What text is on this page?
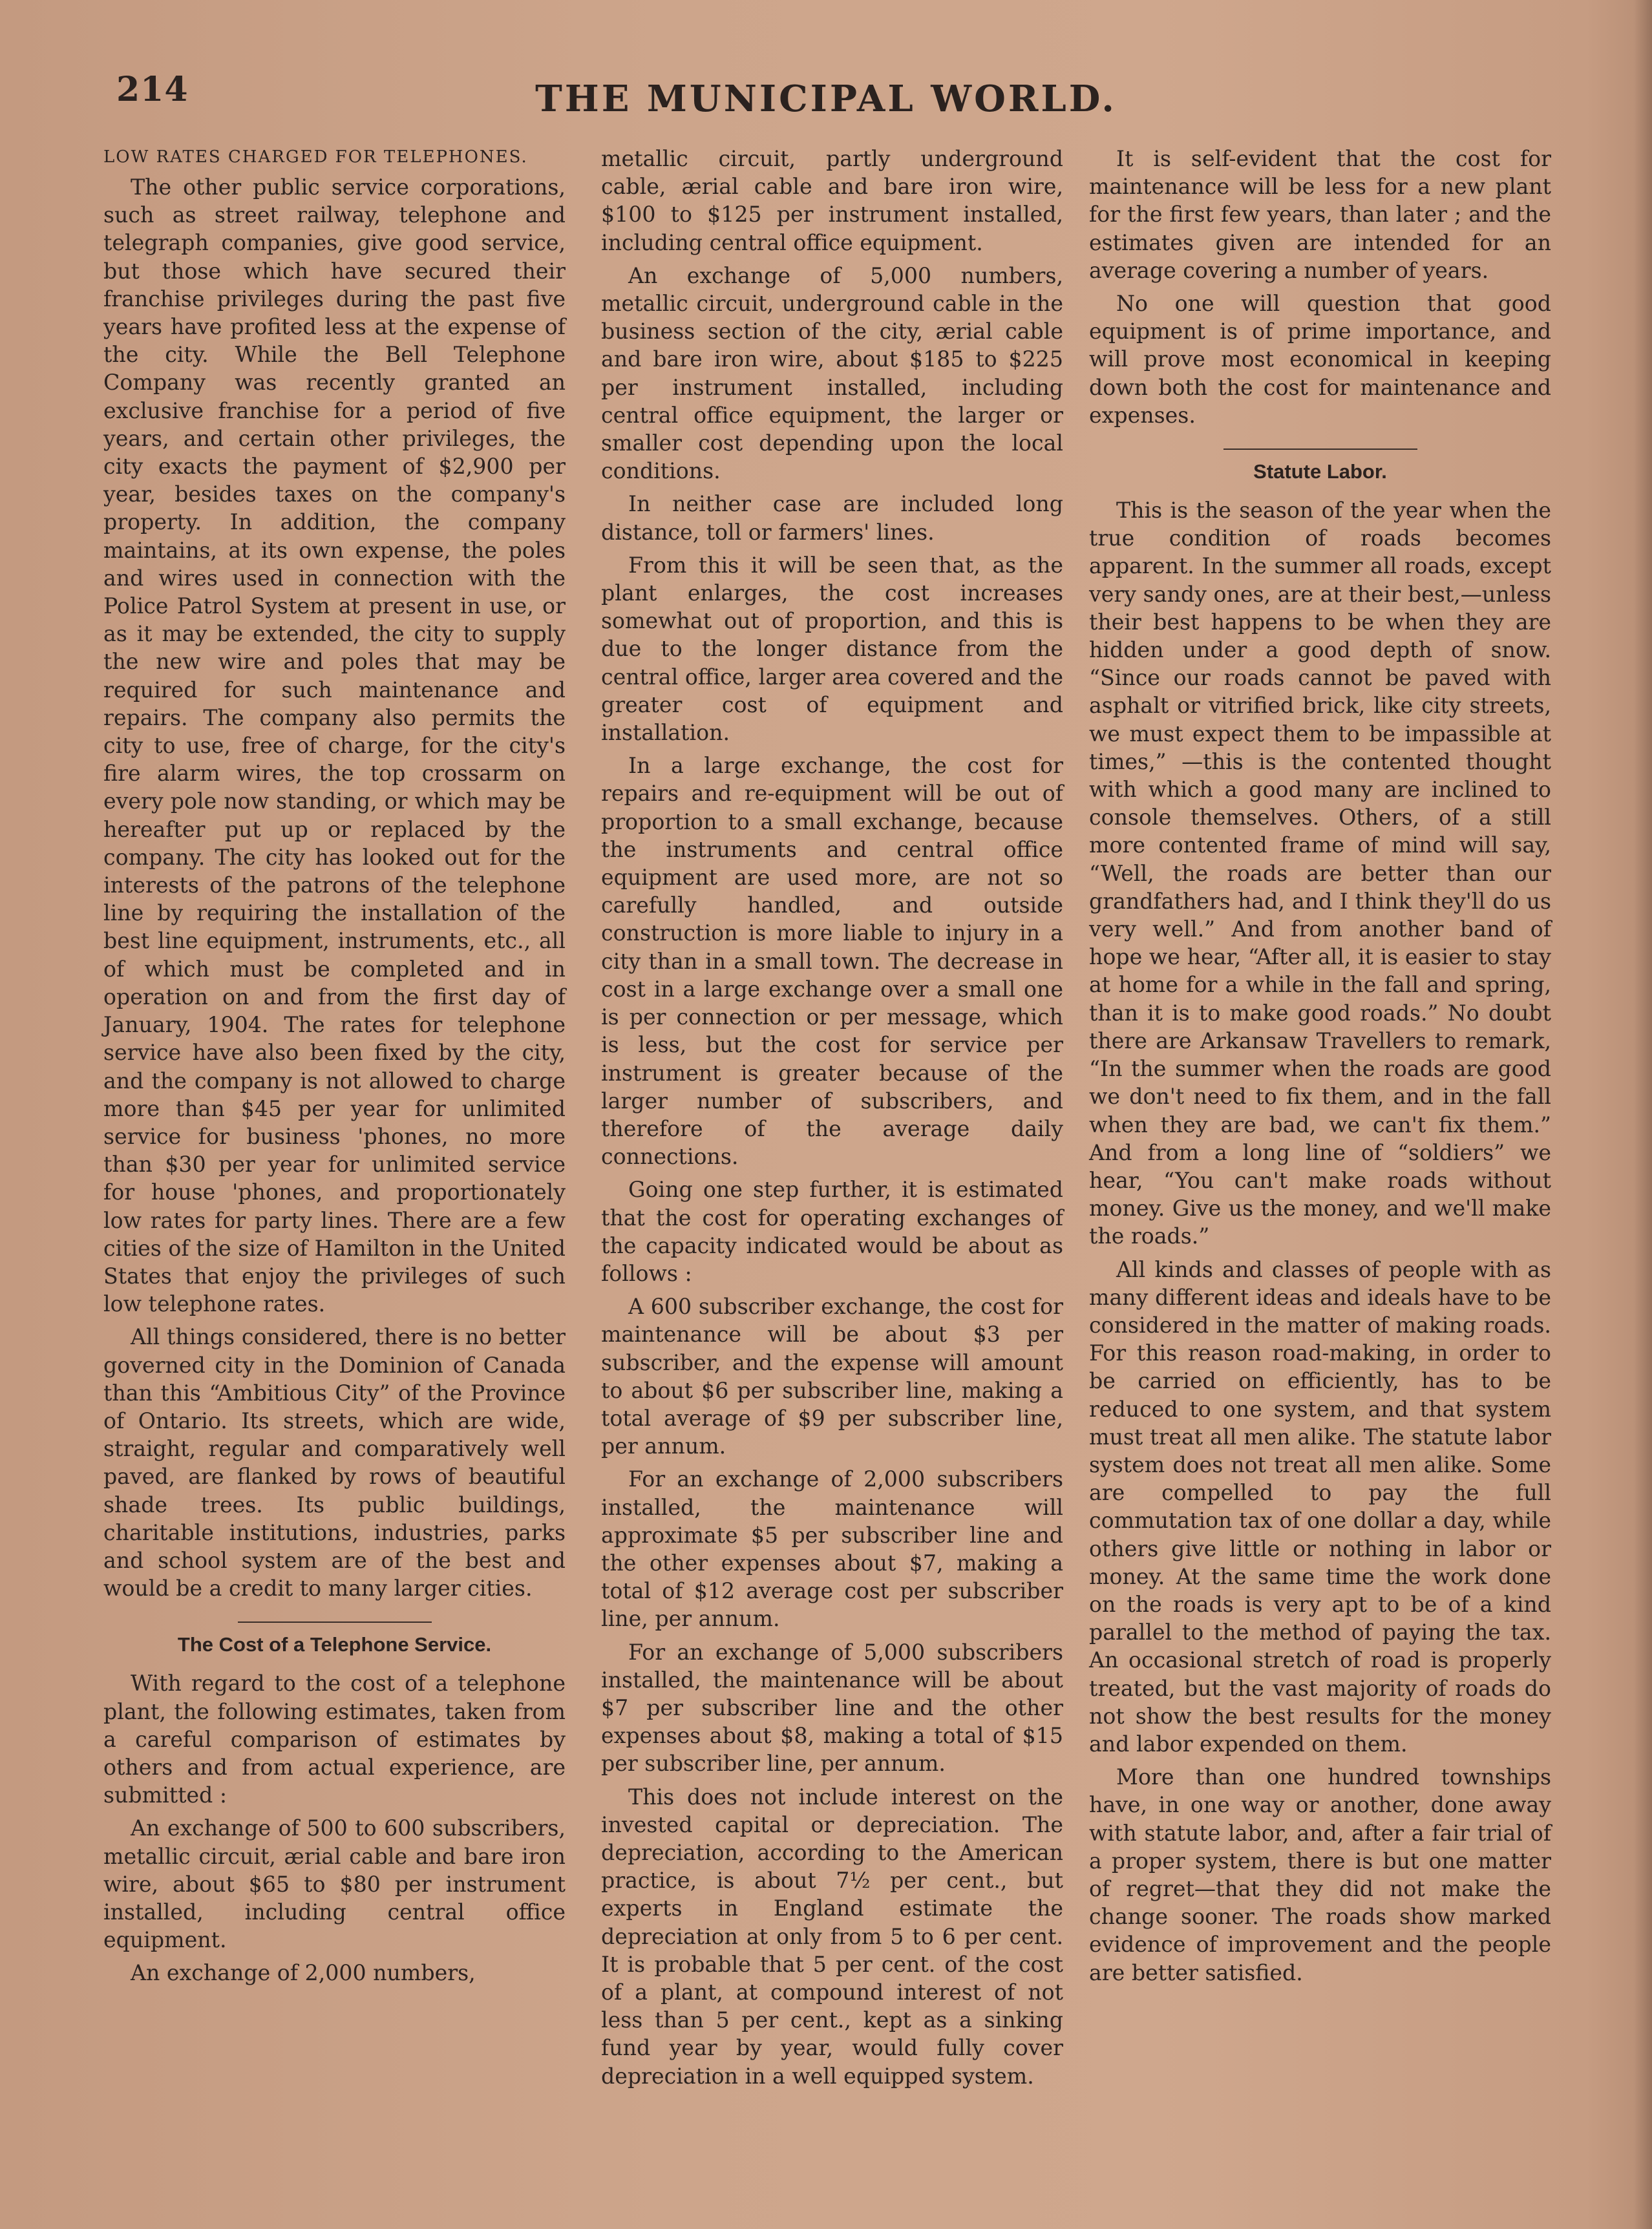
214	THE MUNICIPAL WORLD.
LOW RATES CHARGED FOR TELEPHONES.

The other public service corporations, such as street railway, telephone and telegraph companies, give good service, but those which have secured their franchise privileges during the past five years have profited less at the expense of the city. While the Bell Telephone Company was recently granted an exclusive franchise for a period of five years, and certain other privileges, the city exacts the payment of $2,900 per year, besides taxes on the company's property. In addition, the company maintains, at its own expense, the poles and wires used in connection with the Police Patrol System at present in use, or as it may be extended, the city to supply the new wire and poles that may be required for such maintenance and repairs. The company also permits the city to use, free of charge, for the city's fire alarm wires, the top crossarm on every pole now standing, or which may be hereafter put up or replaced by the company. The city has looked out for the interests of the patrons of the telephone line by requiring the installation of the best line equipment, instruments, etc., all of which must be completed and in operation on and from the first day of January, 1904. The rates for telephone service have also been fixed by the city, and the company is not allowed to charge more than $45 per year for unlimited service for business 'phones, no more than $30 per year for unlimited service for house 'phones, and proportionately low rates for party lines. There are a few cities of the size of Hamilton in the United States that enjoy the privileges of such low telephone rates.

All things considered, there is no better governed city in the Dominion of Canada than this “Ambitious City” of the Province of Ontario. Its streets, which are wide, straight, regular and comparatively well paved, are flanked by rows of beautiful shade trees. Its public buildings, charitable institutions, industries, parks and school system are of the best and would be a credit to many larger cities.

The Cost of a Telephone Service.

With regard to the cost of a telephone plant, the following estimates, taken from a careful comparison of estimates by others and from actual experience, are submitted :

An exchange of 500 to 600 subscribers, metallic circuit, ærial cable and bare iron wire, about $65 to $80 per instrument installed, including central office equipment.

An exchange of 2,000 numbers,

metallic circuit, partly underground cable, ærial cable and bare iron wire, $100 to $125 per instrument installed, including central office equipment.

An exchange of 5,000 numbers, metallic circuit, underground cable in the business section of the city, ærial cable and bare iron wire, about $185 to $225 per instrument installed, including central office equipment, the larger or smaller cost depending upon the local conditions.

In neither case are included long distance, toll or farmers' lines.

From this it will be seen that, as the plant enlarges, the cost increases somewhat out of proportion, and this is due to the longer distance from the central office, larger area covered and the greater cost of equipment and installation.

In a large exchange, the cost for repairs and re-equipment will be out of proportion to a small exchange, because the instruments and central office equipment are used more, are not so carefully handled, and outside construction is more liable to injury in a city than in a small town. The decrease in cost in a large exchange over a small one is per connection or per message, which is less, but the cost for service per instrument is greater because of the larger number of subscribers, and therefore of the average daily connections.

Going one step further, it is estimated that the cost for operating exchanges of the capacity indicated would be about as follows :

A 600 subscriber exchange, the cost for maintenance will be about $3 per subscriber, and the expense will amount to about $6 per subscriber line, making a total average of $9 per subscriber line, per annum.

For an exchange of 2,000 subscribers installed, the maintenance will approximate $5 per subscriber line and the other expenses about $7, making a total of $12 average cost per subscriber line, per annum.

For an exchange of 5,000 subscribers installed, the maintenance will be about $7 per subscriber line and the other expenses about $8, making a total of $15 per subscriber line, per annum.

This does not include interest on the invested capital or depreciation. The depreciation, according to the American practice, is about 7½ per cent., but experts in England estimate the depreciation at only from 5 to 6 per cent. It is probable that 5 per cent. of the cost of a plant, at compound interest of not less than 5 per cent., kept as a sinking fund year by year, would fully cover depreciation in a well equipped system.

It is self-evident that the cost for maintenance will be less for a new plant for the first few years, than later ; and the estimates given are intended for an average covering a number of years.

No one will question that good equipment is of prime importance, and will prove most economical in keeping down both the cost for maintenance and expenses.

Statute Labor.

This is the season of the year when the true condition of roads becomes apparent. In the summer all roads, except very sandy ones, are at their best,—unless their best happens to be when they are hidden under a good depth of snow. “Since our roads cannot be paved with asphalt or vitrified brick, like city streets, we must expect them to be impassible at times,” —this is the contented thought with which a good many are inclined to console themselves. Others, of a still more contented frame of mind will say, “Well, the roads are better than our grandfathers had, and I think they'll do us very well.” And from another band of hope we hear, “After all, it is easier to stay at home for a while in the fall and spring, than it is to make good roads.” No doubt there are Arkansaw Travellers to remark, “In the summer when the roads are good we don't need to fix them, and in the fall when they are bad, we can't fix them.” And from a long line of “soldiers” we hear, “You can't make roads without money. Give us the money, and we'll make the roads.”

All kinds and classes of people with as many different ideas and ideals have to be considered in the matter of making roads. For this reason road-making, in order to be carried on efficiently, has to be reduced to one system, and that system must treat all men alike. The statute labor system does not treat all men alike. Some are compelled to pay the full commutation tax of one dollar a day, while others give little or nothing in labor or money. At the same time the work done on the roads is very apt to be of a kind parallel to the method of paying the tax. An occasional stretch of road is properly treated, but the vast majority of roads do not show the best results for the money and labor expended on them.

More than one hundred townships have, in one way or another, done away with statute labor, and, after a fair trial of a proper system, there is but one matter of regret—that they did not make the change sooner. The roads show marked evidence of improvement and the people are better satisfied.
